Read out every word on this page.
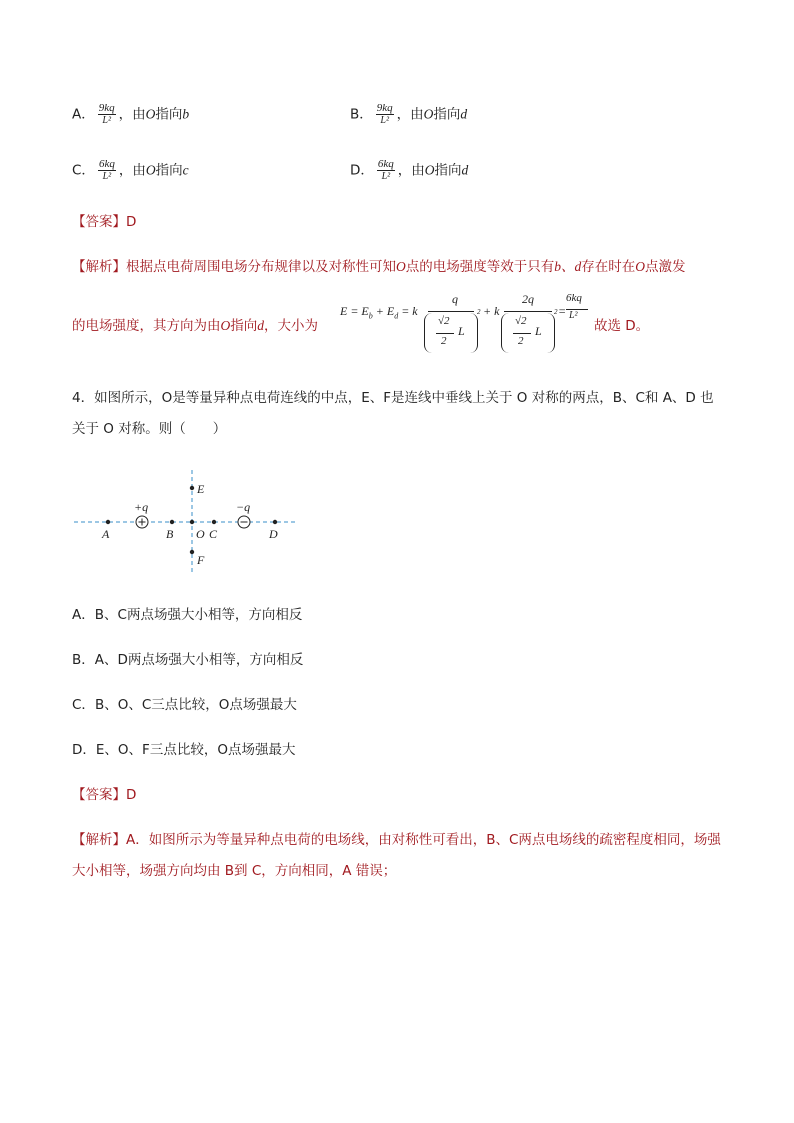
A． $\frac{9kq}{\text{L²}}$ ，由O指向b	B． $\frac{9kq}{\text{L²}}$ ，由O指向d
C． $\frac{6kq}{\text{L²}}$ ，由O指向c	D． $\frac{6kq}{\text{L²}}$ ，由O指向d
【答案】D
【解析】根据点电荷周围电场分布规律以及对称性可知O点的电场强度等效于只有b、d存在时在O点激发
的电场强度，其方向为由O指向d，大小为
$E = E_b + E_d = k$
q
√2
2
L
2 + k
2q
√2
2
L
2 =
6kq
L²
故选 D。
4．如图所示，O是等量异种点电荷连线的中点，E、F是连线中垂线上关于 O 对称的两点，B、C和 A、D 也
关于 O 对称。则（　　）
+q	−q
A	B O C	D
E
F
A．B、C两点场强大小相等，方向相反
B．A、D两点场强大小相等，方向相反
C．B、O、C三点比较，O点场强最大
D．E、O、F三点比较，O点场强最大
【答案】D
【解析】A．如图所示为等量异种点电荷的电场线，由对称性可看出，B、C两点电场线的疏密程度相同，场强
大小相等，场强方向均由 B到 C，方向相同，A 错误；
